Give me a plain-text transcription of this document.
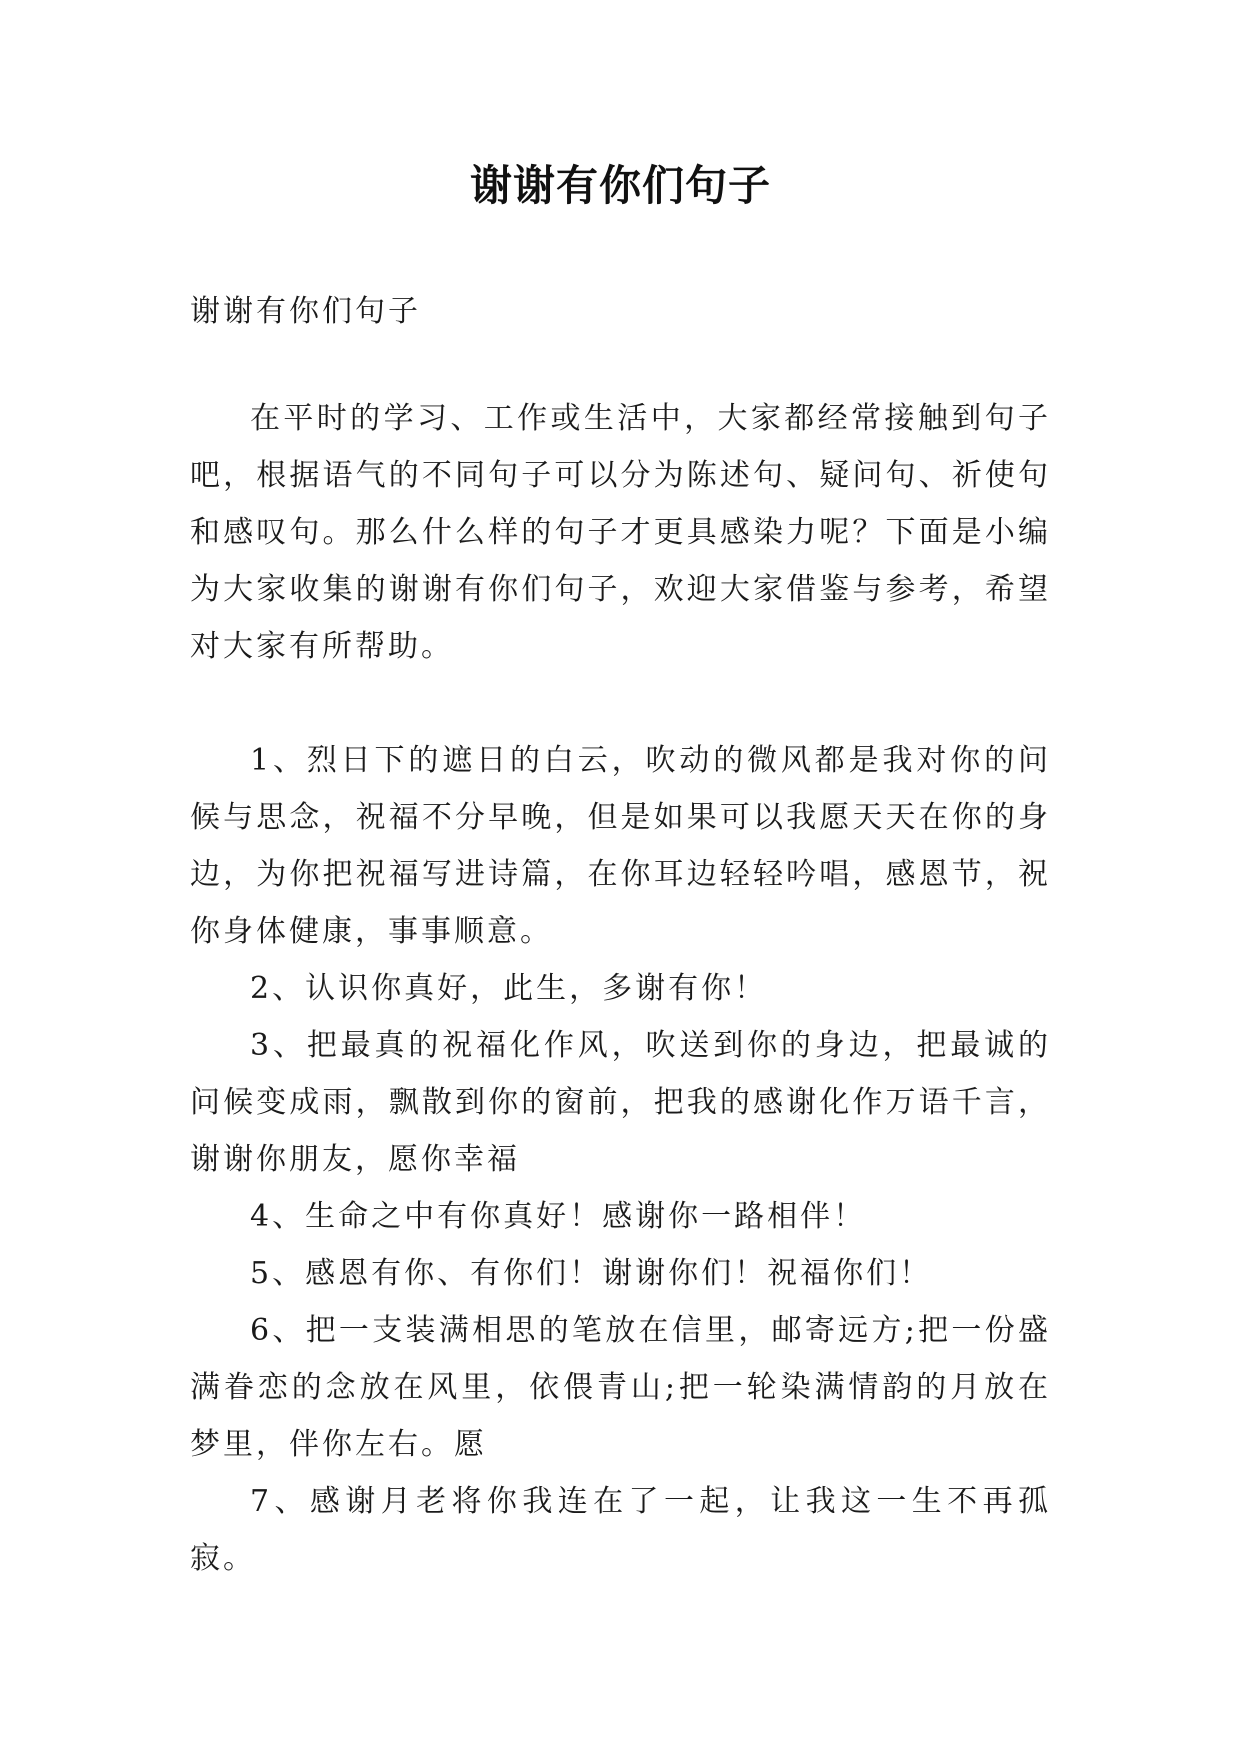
谢谢有你们句子

谢谢有你们句子

在平时的学习、工作或生活中，大家都经常接触到句子吧，根据语气的不同句子可以分为陈述句、疑问句、祈使句和感叹句。那么什么样的句子才更具感染力呢？下面是小编为大家收集的谢谢有你们句子，欢迎大家借鉴与参考，希望对大家有所帮助。

1、烈日下的遮日的白云，吹动的微风都是我对你的问候与思念，祝福不分早晚，但是如果可以我愿天天在你的身边，为你把祝福写进诗篇，在你耳边轻轻吟唱，感恩节，祝你身体健康，事事顺意。

2、认识你真好，此生，多谢有你！

3、把最真的祝福化作风，吹送到你的身边，把最诚的问候变成雨，飘散到你的窗前，把我的感谢化作万语千言，谢谢你朋友，愿你幸福

4、生命之中有你真好！感谢你一路相伴！

5、感恩有你、有你们！谢谢你们！祝福你们！

6、把一支装满相思的笔放在信里，邮寄远方;把一份盛满眷恋的念放在风里，依偎青山;把一轮染满情韵的月放在梦里，伴你左右。愿

7、感谢月老将你我连在了一起，让我这一生不再孤寂。
